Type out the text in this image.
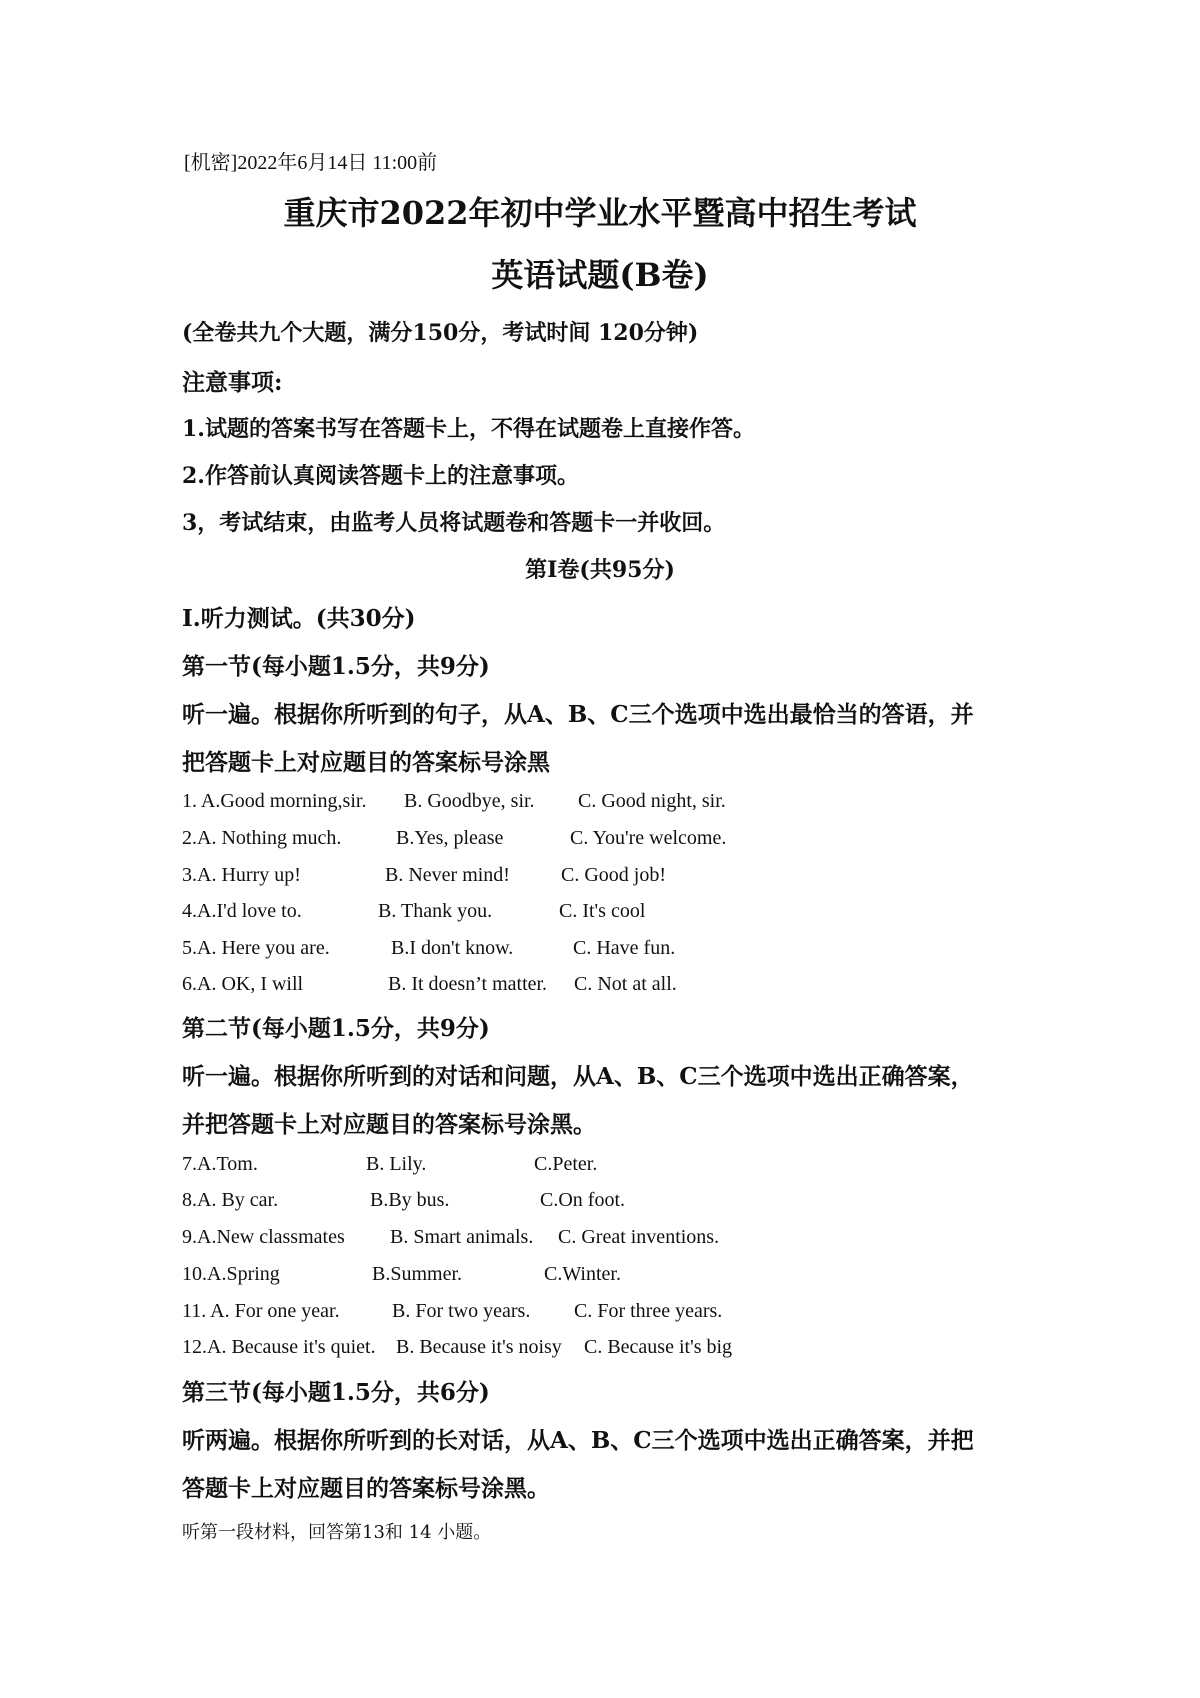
[机密]2022年6月14日 11:00前
重庆市2022年初中学业水平暨高中招生考试
英语试题(B卷)
(全卷共九个大题，满分150分，考试时间 120分钟)
注意事项:
1.试题的答案书写在答题卡上，不得在试题卷上直接作答。
2.作答前认真阅读答题卡上的注意事项。
3，考试结束，由监考人员将试题卷和答题卡一并收回。
第I卷(共95分)
I.听力测试。(共30分)
第一节(每小题1.5分，共9分)
听一遍。根据你所听到的句子，从A、B、C三个选项中选出最恰当的答语，并
把答题卡上对应题目的答案标号涂黑
1. A.Good morning,sir. B. Goodbye, sir. C. Good night, sir.
2.A. Nothing much.	B.Yes, please	C. You're welcome.
3.A. Hurry up!	B. Never mind!	C. Good job!
4.A.I'd love to.	B. Thank you.	C. It's cool
5.A. Here you are.	B.I don't know.	C. Have fun.
6.A. OK, I will	B. It doesn’t matter. C. Not at all.
第二节(每小题1.5分，共9分)
听一遍。根据你所听到的对话和问题，从A、B、C三个选项中选出正确答案，
并把答题卡上对应题目的答案标号涂黑。
7.A.Tom.	B. Lily.	C.Peter.
8.A. By car.	B.By bus.	C.On foot.
9.A.New classmates B. Smart animals. C. Great inventions.
10.A.Spring	B.Summer.	C.Winter.
11. A. For one year.	B. For two years. C. For three years.
12.A. Because it's quiet. B. Because it's noisy C. Because it's big
第三节(每小题1.5分，共6分)
听两遍。根据你所听到的长对话，从A、B、C三个选项中选出正确答案，并把
答题卡上对应题目的答案标号涂黑。
听第一段材料，回答第13和 14 小题。
